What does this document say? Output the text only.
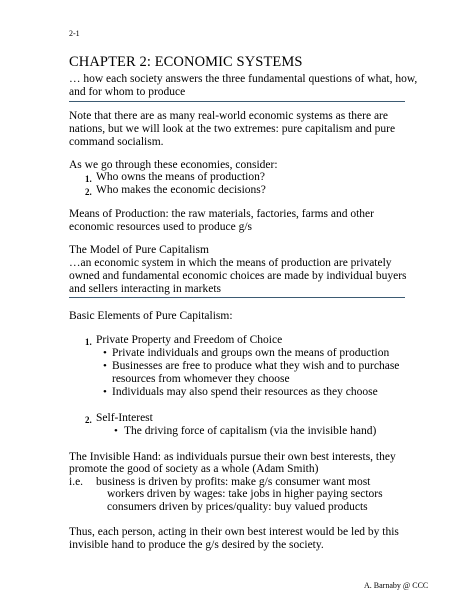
2-1
CHAPTER 2: ECONOMIC SYSTEMS
… how each society answers the three fundamental questions of what, how,
and for whom to produce
Note that there are as many real-world economic systems as there are
nations, but we will look at the two extremes: pure capitalism and pure
command socialism.
As we go through these economies, consider:
1. Who owns the means of production?
2. Who makes the economic decisions?
Means of Production: the raw materials, factories, farms and other
economic resources used to produce g/s
The Model of Pure Capitalism
…an economic system in which the means of production are privately
owned and fundamental economic choices are made by individual buyers
and sellers interacting in markets
Basic Elements of Pure Capitalism:
1. Private Property and Freedom of Choice
• Private individuals and groups own the means of production
• Businesses are free to produce what they wish and to purchase
resources from whomever they choose
• Individuals may also spend their resources as they choose
2. Self-Interest
• The driving force of capitalism (via the invisible hand)
The Invisible Hand: as individuals pursue their own best interests, they
promote the good of society as a whole (Adam Smith)
i.e. business is driven by profits: make g/s consumer want most
workers driven by wages: take jobs in higher paying sectors
consumers driven by prices/quality: buy valued products
Thus, each person, acting in their own best interest would be led by this
invisible hand to produce the g/s desired by the society.
A. Barnaby @ CCC
